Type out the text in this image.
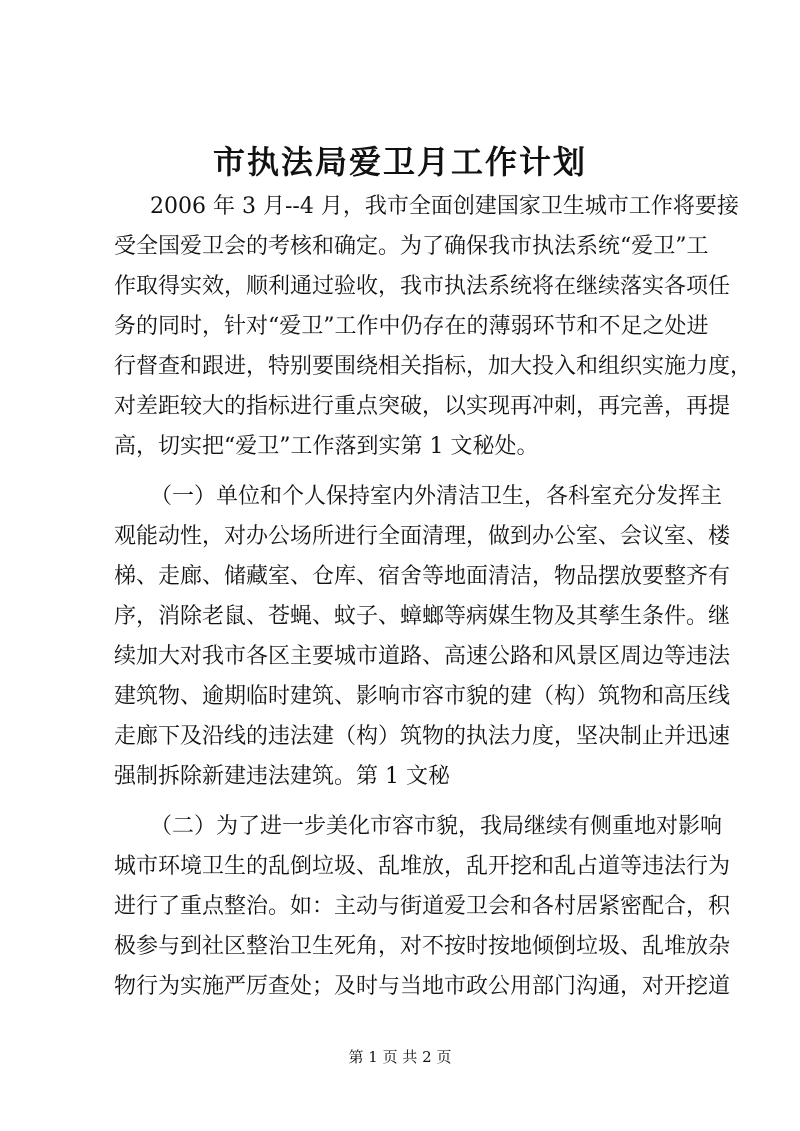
市执法局爱卫月工作计划
2006 年 3 月--4 月，我市全面创建国家卫生城市工作将要接
受全国爱卫会的考核和确定。为了确保我市执法系统“爱卫”工
作取得实效，顺利通过验收，我市执法系统将在继续落实各项任
务的同时，针对“爱卫”工作中仍存在的薄弱环节和不足之处进
行督查和跟进，特别要围绕相关指标，加大投入和组织实施力度，
对差距较大的指标进行重点突破，以实现再冲刺，再完善，再提
高，切实把“爱卫”工作落到实第 1 文秘处。
（一）单位和个人保持室内外清洁卫生，各科室充分发挥主
观能动性，对办公场所进行全面清理，做到办公室、会议室、楼
梯、走廊、储藏室、仓库、宿舍等地面清洁，物品摆放要整齐有
序，消除老鼠、苍蝇、蚊子、蟑螂等病媒生物及其孳生条件。继
续加大对我市各区主要城市道路、高速公路和风景区周边等违法
建筑物、逾期临时建筑、影响市容市貌的建（构）筑物和高压线
走廊下及沿线的违法建（构）筑物的执法力度，坚决制止并迅速
强制拆除新建违法建筑。第 1 文秘
（二）为了进一步美化市容市貌，我局继续有侧重地对影响
城市环境卫生的乱倒垃圾、乱堆放，乱开挖和乱占道等违法行为
进行了重点整治。如：主动与街道爱卫会和各村居紧密配合，积
极参与到社区整治卫生死角，对不按时按地倾倒垃圾、乱堆放杂
物行为实施严厉查处；及时与当地市政公用部门沟通，对开挖道
第 1 页 共 2 页
